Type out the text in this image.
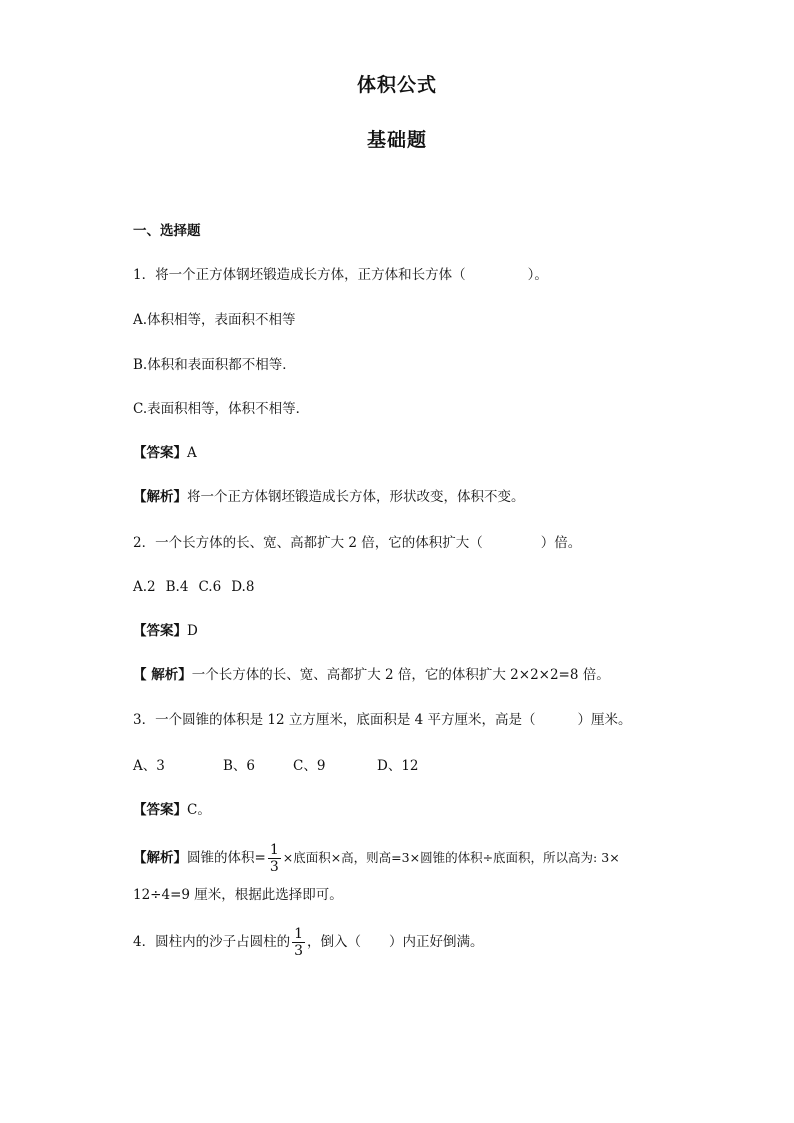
体积公式
基础题
一、选择题
1．将一个正方体钢坯锻造成长方体，正方体和长方体（	）。
A.体积相等，表面积不相等
B.体积和表面积都不相等．
C.表面积相等，体积不相等．
【答案】A
【解析】将一个正方体钢坯锻造成长方体，形状改变，体积不变。
2．一个长方体的长、宽、高都扩大 2 倍，它的体积扩大（	）倍。
A.2 B.4 C.6 D.8
【答案】D
【 解析】一个长方体的长、宽、高都扩大 2 倍，它的体积扩大 2×2×2=8 倍。
3．一个圆锥的体积是 12 立方厘米，底面积是 4 平方厘米，高是（	）厘米。
A、3	B、6	C、9	D、12
【答案】C。
【解析】圆锥的体积= $\frac{1}{3}$ ×底面积×高，则高=3×圆锥的体积÷底面积，所以高为: 3×
12÷4=9 厘米，根据此选择即可。
4．圆柱内的沙子占圆柱的 $\frac{1}{3}$ ，倒入（ ）内正好倒满。
